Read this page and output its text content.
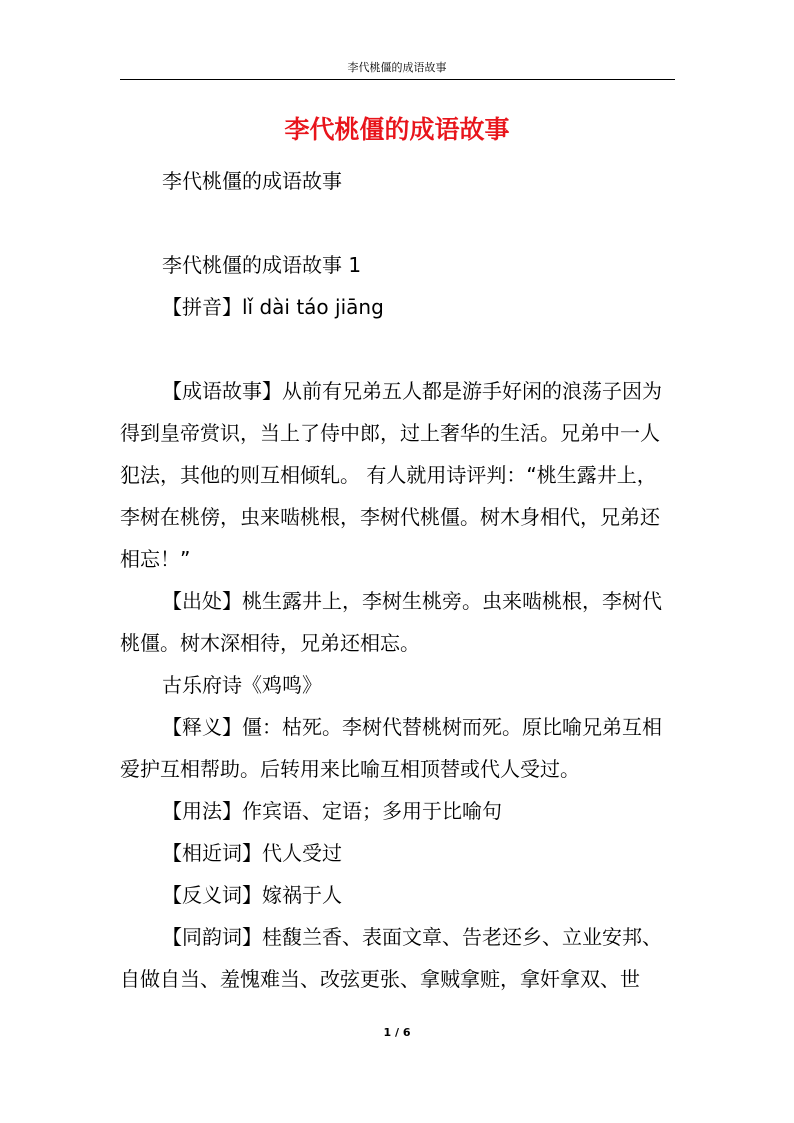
李代桃僵的成语故事
李代桃僵的成语故事

李代桃僵的成语故事

李代桃僵的成语故事 1

【拼音】lǐ dài táo jiāng

【成语故事】从前有兄弟五人都是游手好闲的浪荡子因为得到皇帝赏识，当上了侍中郎，过上奢华的生活。兄弟中一人犯法，其他的则互相倾轧。 有人就用诗评判：“桃生露井上，李树在桃傍，虫来啮桃根，李树代桃僵。树木身相代，兄弟还相忘！”

【出处】桃生露井上，李树生桃旁。虫来啮桃根，李树代桃僵。树木深相待，兄弟还相忘。

古乐府诗《鸡鸣》

【释义】僵：枯死。李树代替桃树而死。原比喻兄弟互相爱护互相帮助。后转用来比喻互相顶替或代人受过。

【用法】作宾语、定语；多用于比喻句

【相近词】代人受过

【反义词】嫁祸于人

【同韵词】桂馥兰香、表面文章、告老还乡、立业安邦、自做自当、羞愧难当、改弦更张、拿贼拿赃，拿奸拿双、世

1 / 6
